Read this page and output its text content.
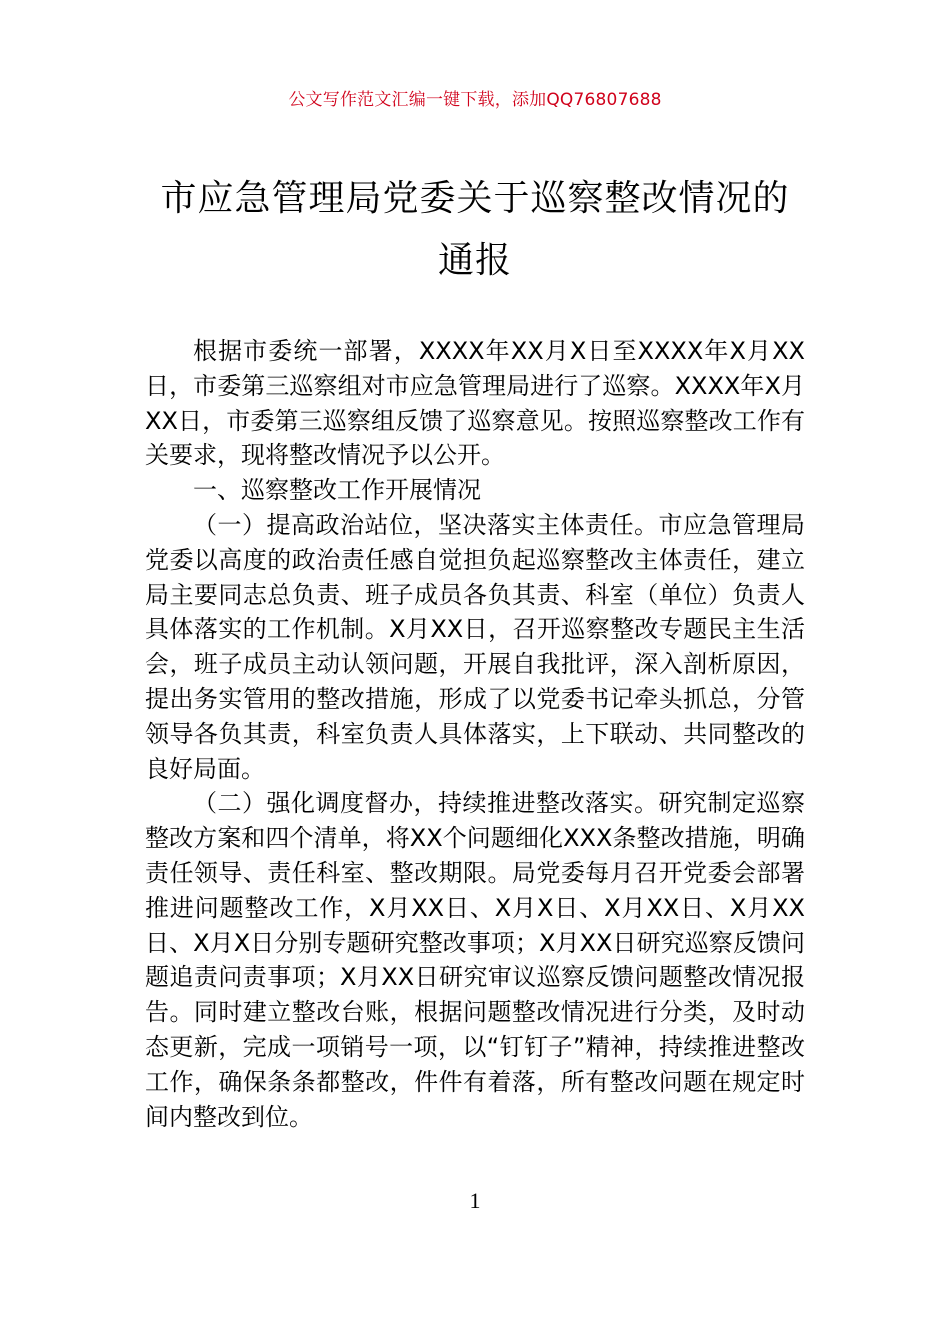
公文写作范文汇编一键下载，添加QQ76807688
市应急管理局党委关于巡察整改情况的通报

根据市委统一部署，XXXX年XX月X日至XXXX年X月XX日，市委第三巡察组对市应急管理局进行了巡察。XXXX年X月XX日，市委第三巡察组反馈了巡察意见。按照巡察整改工作有关要求，现将整改情况予以公开。

一、巡察整改工作开展情况

（一）提高政治站位，坚决落实主体责任。市应急管理局党委以高度的政治责任感自觉担负起巡察整改主体责任，建立局主要同志总负责、班子成员各负其责、科室（单位）负责人具体落实的工作机制。X月XX日，召开巡察整改专题民主生活会，班子成员主动认领问题，开展自我批评，深入剖析原因，提出务实管用的整改措施，形成了以党委书记牵头抓总，分管领导各负其责，科室负责人具体落实，上下联动、共同整改的良好局面。

（二）强化调度督办，持续推进整改落实。研究制定巡察整改方案和四个清单，将XX个问题细化XXX条整改措施，明确责任领导、责任科室、整改期限。局党委每月召开党委会部署推进问题整改工作，X月XX日、X月X日、X月XX日、X月XX日、X月X日分别专题研究整改事项；X月XX日研究巡察反馈问题追责问责事项；X月XX日研究审议巡察反馈问题整改情况报告。同时建立整改台账，根据问题整改情况进行分类，及时动态更新，完成一项销号一项，以“钉钉子”精神，持续推进整改工作，确保条条都整改，件件有着落，所有整改问题在规定时间内整改到位。

1
